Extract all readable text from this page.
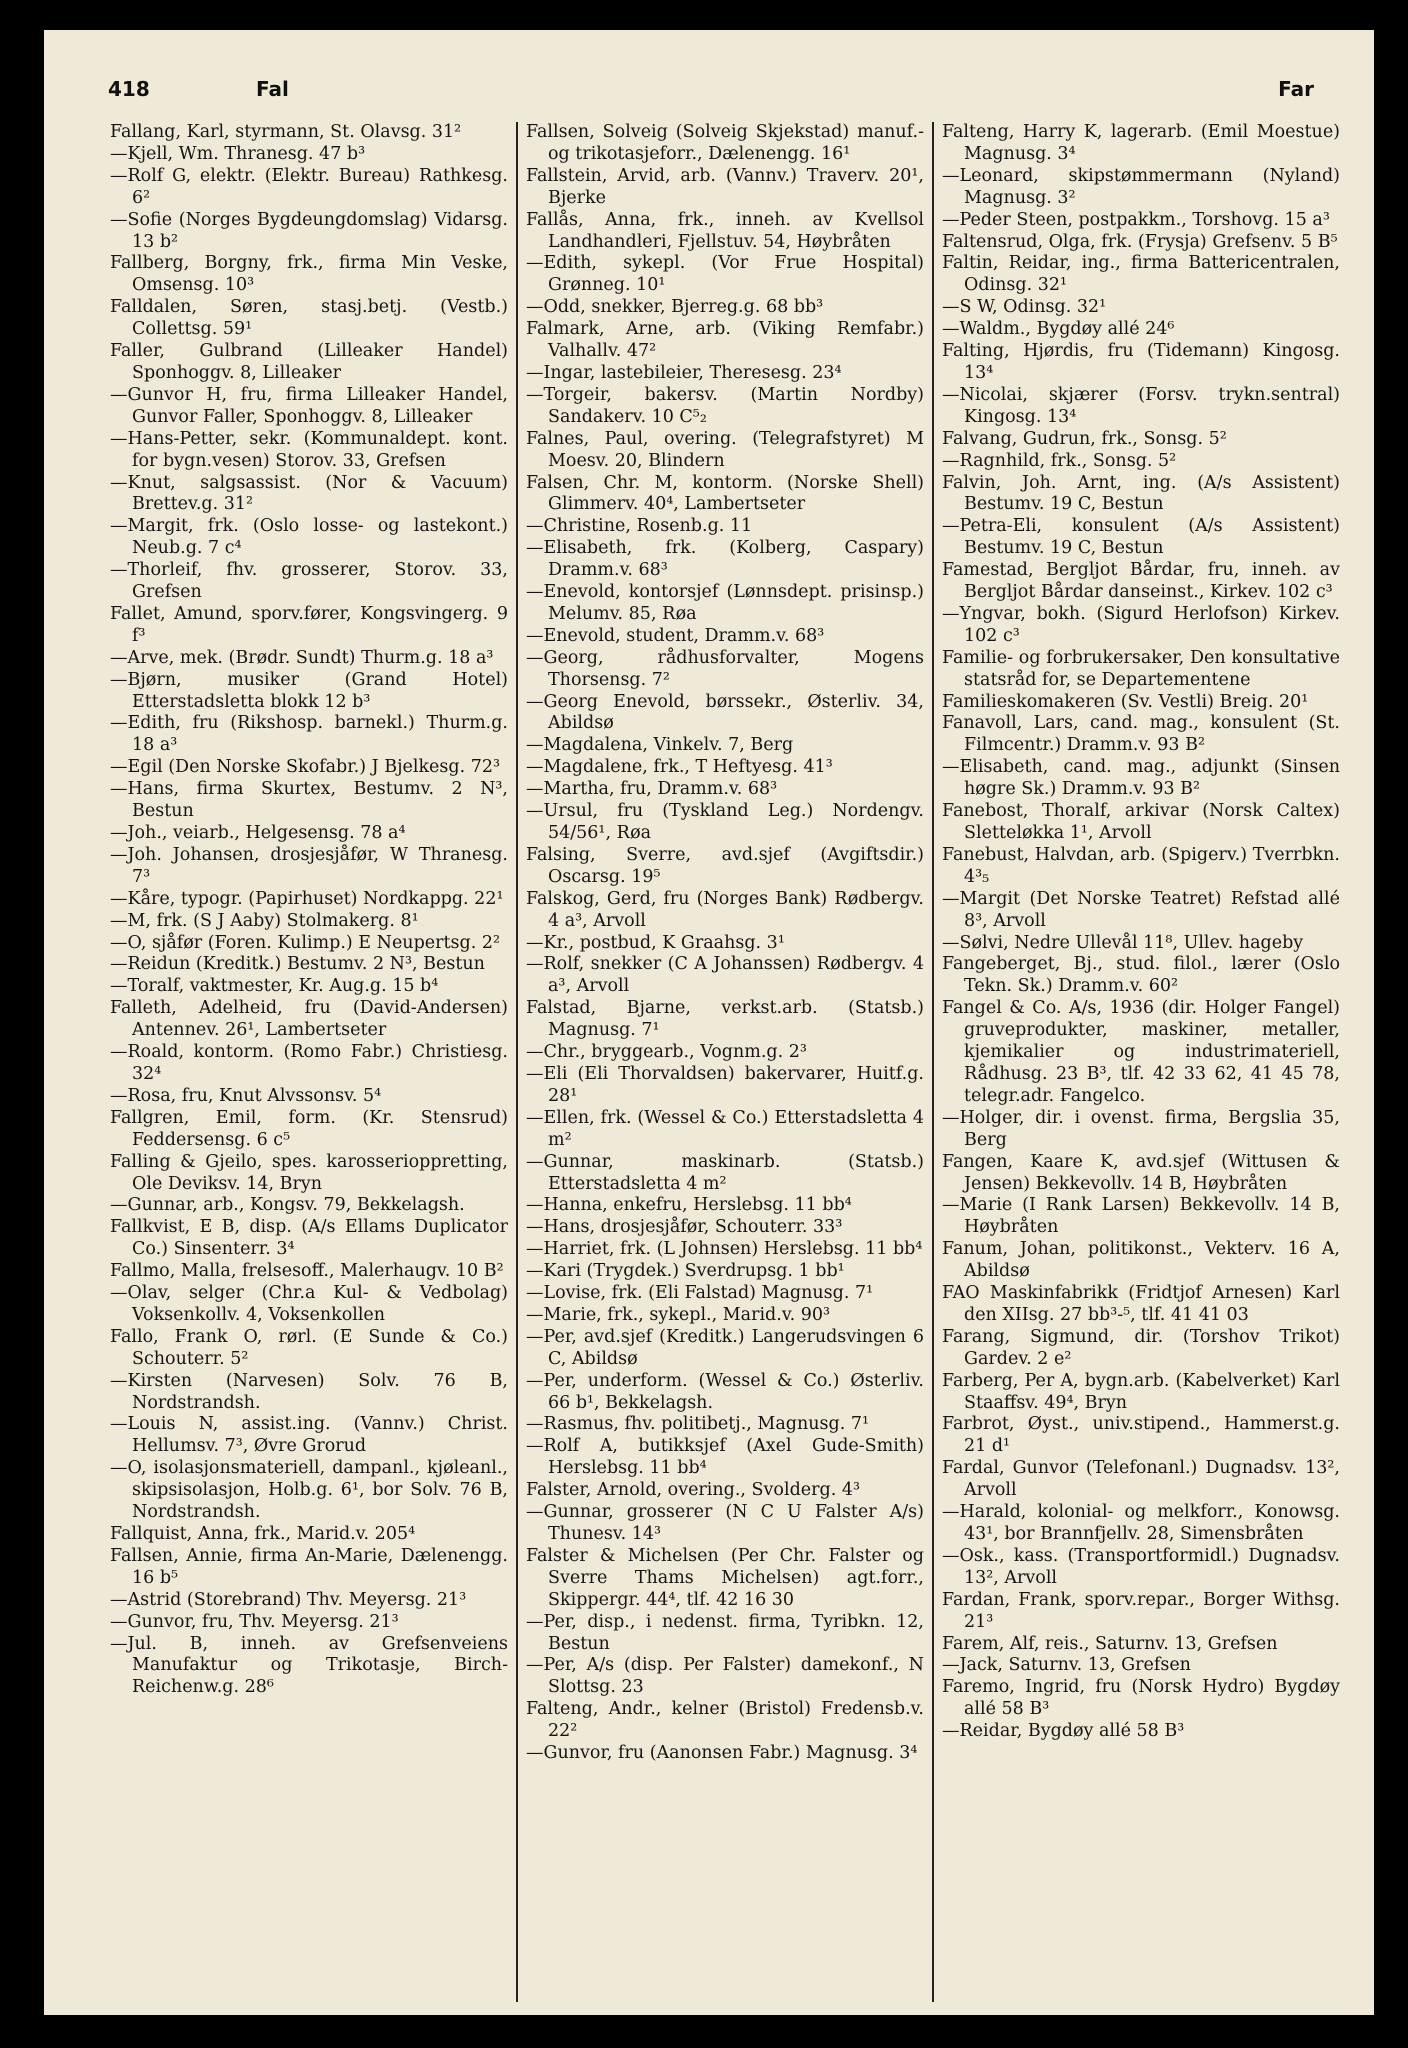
418	Fal	Far
Fallang, Karl, styrmann, St. Olavsg. 31²
—Kjell, Wm. Thranesg. 47 b³
—Rolf G, elektr. (Elektr. Bureau) Rathkesg. 6²
—Sofie (Norges Bygdeungdomslag) Vidarsg. 13 b²
Fallberg, Borgny, frk., firma Min Veske, Omsensg. 10³
Falldalen, Søren, stasj.betj. (Vestb.) Collettsg. 59¹
Faller, Gulbrand (Lilleaker Handel) Sponhoggv. 8, Lilleaker
—Gunvor H, fru, firma Lilleaker Handel, Gunvor Faller, Sponhoggv. 8, Lilleaker
—Hans-Petter, sekr. (Kommunaldept. kont. for bygn.vesen) Storov. 33, Grefsen
—Knut, salgsassist. (Nor & Vacuum) Brettev.g. 31²
—Margit, frk. (Oslo losse- og lastekont.) Neub.g. 7 c⁴
—Thorleif, fhv. grosserer, Storov. 33, Grefsen
Fallet, Amund, sporv.fører, Kongsvingerg. 9 f³
—Arve, mek. (Brødr. Sundt) Thurm.g. 18 a³
—Bjørn, musiker (Grand Hotel) Etterstadsletta blokk 12 b³
—Edith, fru (Rikshosp. barnekl.) Thurm.g. 18 a³
—Egil (Den Norske Skofabr.) J Bjelkesg. 72³
—Hans, firma Skurtex, Bestumv. 2 N³, Bestun
—Joh., veiarb., Helgesensg. 78 a⁴
—Joh. Johansen, drosjesjåfør, W Thranesg. 7³
—Kåre, typogr. (Papirhuset) Nordkappg. 22¹
—M, frk. (S J Aaby) Stolmakerg. 8¹
—O, sjåfør (Foren. Kulimp.) E Neupertsg. 2²
—Reidun (Kreditk.) Bestumv. 2 N³, Bestun
—Toralf, vaktmester, Kr. Aug.g. 15 b⁴
Falleth, Adelheid, fru (David-Andersen) Antennev. 26¹, Lambertseter
—Roald, kontorm. (Romo Fabr.) Christiesg. 32⁴
—Rosa, fru, Knut Alvssonsv. 5⁴
Fallgren, Emil, form. (Kr. Stensrud) Feddersensg. 6 c⁵
Falling & Gjeilo, spes. karosserioppretting, Ole Deviksv. 14, Bryn
—Gunnar, arb., Kongsv. 79, Bekkelagsh.
Fallkvist, E B, disp. (A/s Ellams Duplicator Co.) Sinsenterr. 3⁴
Fallmo, Malla, frelsesoff., Malerhaugv. 10 B²
—Olav, selger (Chr.a Kul- & Vedbolag) Voksenkollv. 4, Voksenkollen
Fallo, Frank O, rørl. (E Sunde & Co.) Schouterr. 5²
—Kirsten (Narvesen) Solv. 76 B, Nordstrandsh.
—Louis N, assist.ing. (Vannv.) Christ. Hellumsv. 7³, Øvre Grorud
—O, isolasjonsmateriell, dampanl., kjøleanl., skipsisolasjon, Holb.g. 6¹, bor Solv. 76 B, Nordstrandsh.
Fallquist, Anna, frk., Marid.v. 205⁴
Fallsen, Annie, firma An-Marie, Dælenengg. 16 b⁵
—Astrid (Storebrand) Thv. Meyersg. 21³
—Gunvor, fru, Thv. Meyersg. 21³
—Jul. B, inneh. av Grefsenveiens Manufaktur og Trikotasje, Birch-Reichenw.g. 28⁶
Fallsen, Solveig (Solveig Skjekstad) manuf.- og trikotasjeforr., Dælenengg. 16¹
Fallstein, Arvid, arb. (Vannv.) Traverv. 20¹, Bjerke
Fallås, Anna, frk., inneh. av Kvellsol Landhandleri, Fjellstuv. 54, Høybråten
—Edith, sykepl. (Vor Frue Hospital) Grønneg. 10¹
—Odd, snekker, Bjerreg.g. 68 bb³
Falmark, Arne, arb. (Viking Remfabr.) Valhallv. 47²
—Ingar, lastebileier, Theresesg. 23⁴
—Torgeir, bakersv. (Martin Nordby) Sandakerv. 10 C⁵₂
Falnes, Paul, overing. (Telegrafstyret) M Moesv. 20, Blindern
Falsen, Chr. M, kontorm. (Norske Shell) Glimmerv. 40⁴, Lambertseter
—Christine, Rosenb.g. 11
—Elisabeth, frk. (Kolberg, Caspary) Dramm.v. 68³
—Enevold, kontorsjef (Lønnsdept. prisinsp.) Melumv. 85, Røa
—Enevold, student, Dramm.v. 68³
—Georg, rådhusforvalter, Mogens Thorsensg. 7²
—Georg Enevold, børssekr., Østerliv. 34, Abildsø
—Magdalena, Vinkelv. 7, Berg
—Magdalene, frk., T Heftyesg. 41³
—Martha, fru, Dramm.v. 68³
—Ursul, fru (Tyskland Leg.) Nordengv. 54/56¹, Røa
Falsing, Sverre, avd.sjef (Avgiftsdir.) Oscarsg. 19⁵
Falskog, Gerd, fru (Norges Bank) Rødbergv. 4 a³, Arvoll
—Kr., postbud, K Graahsg. 3¹
—Rolf, snekker (C A Johanssen) Rødbergv. 4 a³, Arvoll
Falstad, Bjarne, verkst.arb. (Statsb.) Magnusg. 7¹
—Chr., bryggearb., Vognm.g. 2³
—Eli (Eli Thorvaldsen) bakervarer, Huitf.g. 28¹
—Ellen, frk. (Wessel & Co.) Etterstadsletta 4 m²
—Gunnar, maskinarb. (Statsb.) Etterstadsletta 4 m²
—Hanna, enkefru, Herslebsg. 11 bb⁴
—Hans, drosjesjåfør, Schouterr. 33³
—Harriet, frk. (L Johnsen) Herslebsg. 11 bb⁴
—Kari (Trygdek.) Sverdrupsg. 1 bb¹
—Lovise, frk. (Eli Falstad) Magnusg. 7¹
—Marie, frk., sykepl., Marid.v. 90³
—Per, avd.sjef (Kreditk.) Langerudsvingen 6 C, Abildsø
—Per, underform. (Wessel & Co.) Østerliv. 66 b¹, Bekkelagsh.
—Rasmus, fhv. politibetj., Magnusg. 7¹
—Rolf A, butikksjef (Axel Gude-Smith) Herslebsg. 11 bb⁴
Falster, Arnold, overing., Svolderg. 4³
—Gunnar, grosserer (N C U Falster A/s) Thunesv. 14³
Falster & Michelsen (Per Chr. Falster og Sverre Thams Michelsen) agt.forr., Skippergr. 44⁴, tlf. 42 16 30
—Per, disp., i nedenst. firma, Tyribkn. 12, Bestun
—Per, A/s (disp. Per Falster) damekonf., N Slottsg. 23
Falteng, Andr., kelner (Bristol) Fredensb.v. 22²
—Gunvor, fru (Aanonsen Fabr.) Magnusg. 3⁴
Falteng, Harry K, lagerarb. (Emil Moestue) Magnusg. 3⁴
—Leonard, skipstømmermann (Nyland) Magnusg. 3²
—Peder Steen, postpakkm., Torshovg. 15 a³
Faltensrud, Olga, frk. (Frysja) Grefsenv. 5 B⁵
Faltin, Reidar, ing., firma Battericentralen, Odinsg. 32¹
—S W, Odinsg. 32¹
—Waldm., Bygdøy allé 24⁶
Falting, Hjørdis, fru (Tidemann) Kingosg. 13⁴
—Nicolai, skjærer (Forsv. trykn.sentral) Kingosg. 13⁴
Falvang, Gudrun, frk., Sonsg. 5²
—Ragnhild, frk., Sonsg. 5²
Falvin, Joh. Arnt, ing. (A/s Assistent) Bestumv. 19 C, Bestun
—Petra-Eli, konsulent (A/s Assistent) Bestumv. 19 C, Bestun
Famestad, Bergljot Bårdar, fru, inneh. av Bergljot Bårdar danseinst., Kirkev. 102 c³
—Yngvar, bokh. (Sigurd Herlofson) Kirkev. 102 c³
Familie- og forbrukersaker, Den konsultative statsråd for, se Departementene
Familieskomakeren (Sv. Vestli) Breig. 20¹
Fanavoll, Lars, cand. mag., konsulent (St. Filmcentr.) Dramm.v. 93 B²
—Elisabeth, cand. mag., adjunkt (Sinsen høgre Sk.) Dramm.v. 93 B²
Fanebost, Thoralf, arkivar (Norsk Caltex) Sletteløkka 1¹, Arvoll
Fanebust, Halvdan, arb. (Spigerv.) Tverrbkn. 4³₅
—Margit (Det Norske Teatret) Refstad allé 8³, Arvoll
—Sølvi, Nedre Ullevål 11⁸, Ullev. hageby
Fangeberget, Bj., stud. filol., lærer (Oslo Tekn. Sk.) Dramm.v. 60²
Fangel & Co. A/s, 1936 (dir. Holger Fangel) gruveprodukter, maskiner, metaller, kjemikalier og industrimateriell, Rådhusg. 23 B³, tlf. 42 33 62, 41 45 78, telegr.adr. Fangelco.
—Holger, dir. i ovenst. firma, Bergslia 35, Berg
Fangen, Kaare K, avd.sjef (Wittusen & Jensen) Bekkevollv. 14 B, Høybråten
—Marie (I Rank Larsen) Bekkevollv. 14 B, Høybråten
Fanum, Johan, politikonst., Vekterv. 16 A, Abildsø
FAO Maskinfabrikk (Fridtjof Arnesen) Karl den XIIsg. 27 bb³-⁵, tlf. 41 41 03
Farang, Sigmund, dir. (Torshov Trikot) Gardev. 2 e²
Farberg, Per A, bygn.arb. (Kabelverket) Karl Staaffsv. 49⁴, Bryn
Farbrot, Øyst., univ.stipend., Hammerst.g. 21 d¹
Fardal, Gunvor (Telefonanl.) Dugnadsv. 13², Arvoll
—Harald, kolonial- og melkforr., Konowsg. 43¹, bor Brannfjellv. 28, Simensbråten
—Osk., kass. (Transportformidl.) Dugnadsv. 13², Arvoll
Fardan, Frank, sporv.repar., Borger Withsg. 21³
Farem, Alf, reis., Saturnv. 13, Grefsen
—Jack, Saturnv. 13, Grefsen
Faremo, Ingrid, fru (Norsk Hydro) Bygdøy allé 58 B³
—Reidar, Bygdøy allé 58 B³
